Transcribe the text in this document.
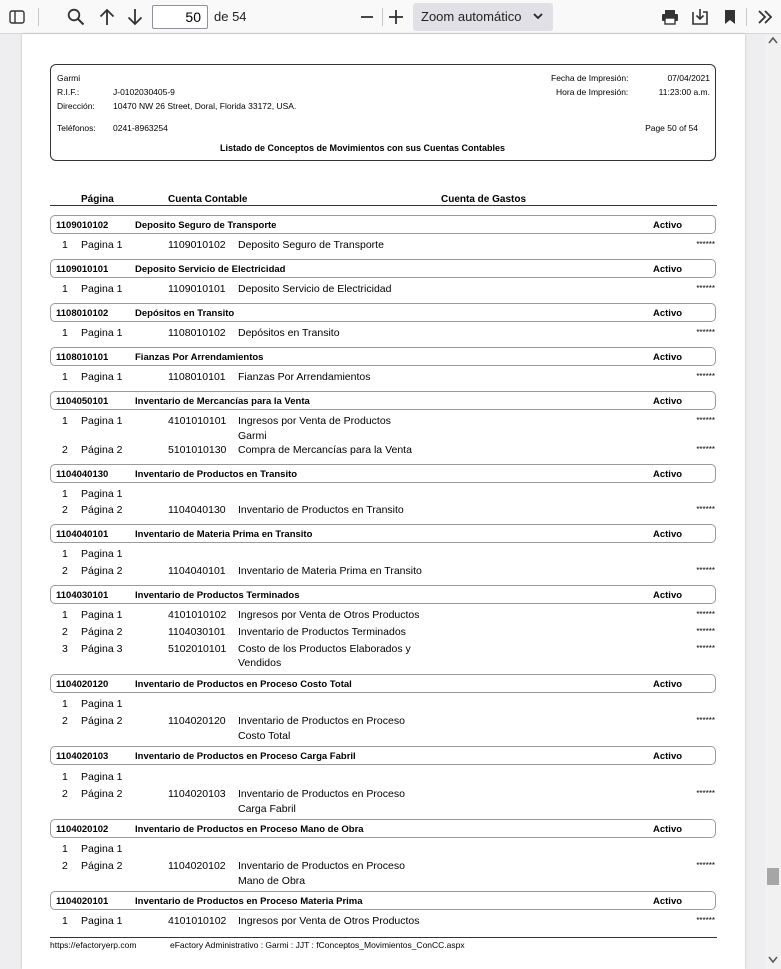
50	de 54	Zoom automático
Garmi
R.I.F.:	J-0102030405-9
Dirección: 10470 NW 26 Street, Doral, Florida 33172, USA.
Teléfonos: 0241-8963254
Fecha de Impresión:	07/04/2021
Hora de Impresión:	11:23:00 a.m.
Page 50 of 54
Listado de Conceptos de Movimientos con sus Cuentas Contables
Página	Cuenta Contable	Cuenta de Gastos
1109010102	Deposito Seguro de Transporte	Activo
1 Pagina 1	1109010102 Deposito Seguro de Transporte	******
1109010101	Deposito Servicio de Electricidad	Activo
1 Pagina 1	1109010101 Deposito Servicio de Electricidad	******
1108010102	Depósitos en Transito	Activo
1 Pagina 1	1108010102 Depósitos en Transito	******
1108010101	Fianzas Por Arrendamientos	Activo
1 Pagina 1	1108010101 Fianzas Por Arrendamientos	******
1104050101	Inventario de Mercancías para la Venta	Activo
1 Pagina 1	4101010101 Ingresos por Venta de Productos	******
Garmi
2 Página 2	5101010130 Compra de Mercancías para la Venta	******
1104040130	Inventario de Productos en Transito	Activo
1 Pagina 1
2 Página 2	1104040130 Inventario de Productos en Transito	******
1104040101	Inventario de Materia Prima en Transito	Activo
1 Pagina 1
2 Página 2	1104040101 Inventario de Materia Prima en Transito	******
1104030101	Inventario de Productos Terminados	Activo
1 Pagina 1	4101010102 Ingresos por Venta de Otros Productos	******
2 Página 2	1104030101 Inventario de Productos Terminados	******
3 Página 3	5102010101 Costo de los Productos Elaborados y	******
Vendidos
1104020120	Inventario de Productos en Proceso Costo Total	Activo
1 Pagina 1
2 Página 2	1104020120 Inventario de Productos en Proceso	******
Costo Total
1104020103	Inventario de Productos en Proceso Carga Fabril	Activo
1 Pagina 1
2 Página 2	1104020103 Inventario de Productos en Proceso	******
Carga Fabril
1104020102	Inventario de Productos en Proceso Mano de Obra	Activo
1 Pagina 1
2 Página 2	1104020102 Inventario de Productos en Proceso	******
Mano de Obra
1104020101	Inventario de Productos en Proceso Materia Prima	Activo
1 Pagina 1	4101010102 Ingresos por Venta de Otros Productos	******
https://efactoryerp.com	eFactory Administrativo : Garmi : JJT : fConceptos_Movimientos_ConCC.aspx
